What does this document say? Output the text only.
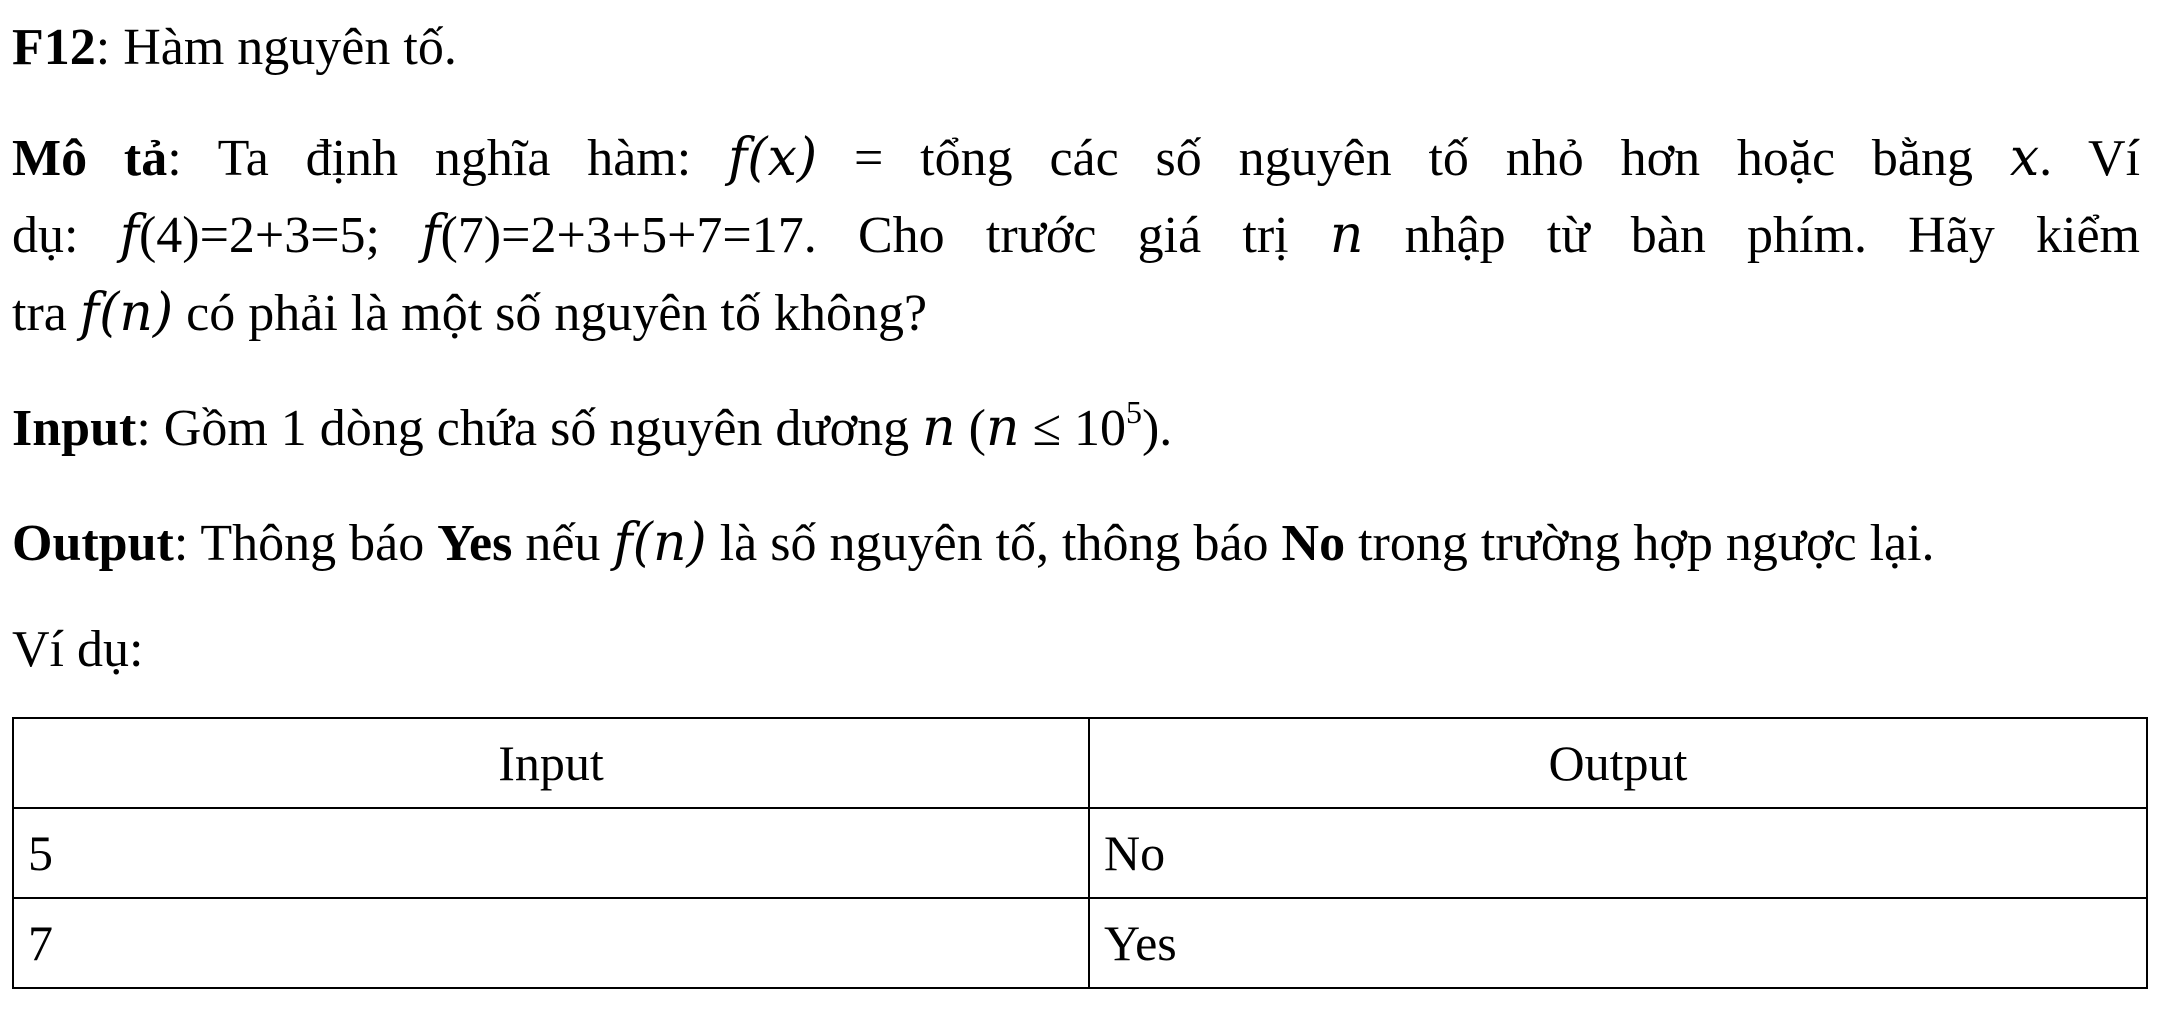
F12: Hàm nguyên tố.
Mô tả: Ta định nghĩa hàm: f(x) = tổng các số nguyên tố nhỏ hơn hoặc bằng x. Ví
dụ: f(4)=2+3=5; f(7)=2+3+5+7=17. Cho trước giá trị n nhập từ bàn phím. Hãy kiểm
tra f(n) có phải là một số nguyên tố không?
Input: Gồm 1 dòng chứa số nguyên dương n $(n \le 10^5)$.
Output: Thông báo Yes nếu f(n) là số nguyên tố, thông báo No trong trường hợp ngược lại.
Ví dụ:
Input	Output
5	No
7	Yes
